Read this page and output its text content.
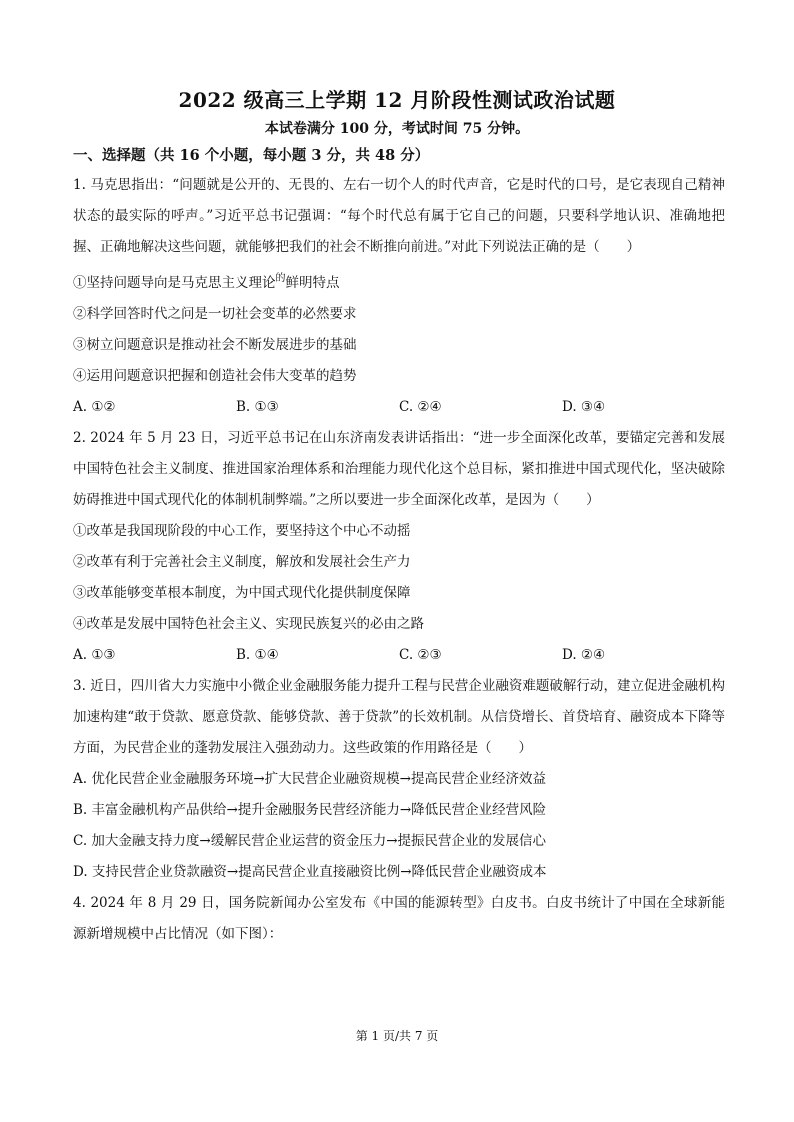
2022 级高三上学期 12 月阶段性测试政治试题
本试卷满分 100 分，考试时间 75 分钟。
一、选择题（共 16 个小题，每小题 3 分，共 48 分）

1. 马克思指出：“问题就是公开的、无畏的、左右一切个人的时代声音，它是时代的口号，是它表现自己精神状态的最实际的呼声。”习近平总书记强调：“每个时代总有属于它自己的问题，只要科学地认识、准确地把握、正确地解决这些问题，就能够把我们的社会不断推向前进。”对此下列说法正确的是（　　）

①坚持问题导向是马克思主义理论$^的$鲜明特点

②科学回答时代之问是一切社会变革的必然要求

③树立问题意识是推动社会不断发展进步的基础

④运用问题意识把握和创造社会伟大变革的趋势

A. ①②	B. ①③	C. ②④	D. ③④

2. 2024 年 5 月 23 日，习近平总书记在山东济南发表讲话指出：“进一步全面深化改革，要锚定完善和发展中国特色社会主义制度、推进国家治理体系和治理能力现代化这个总目标，紧扣推进中国式现代化，坚决破除妨碍推进中国式现代化的体制机制弊端。”之所以要进一步全面深化改革，是因为（　　）

①改革是我国现阶段的中心工作，要坚持这个中心不动摇

②改革有利于完善社会主义制度，解放和发展社会生产力

③改革能够变革根本制度，为中国式现代化提供制度保障

④改革是发展中国特色社会主义、实现民族复兴的必由之路

A. ①③	B. ①④	C. ②③	D. ②④

3. 近日，四川省大力实施中小微企业金融服务能力提升工程与民营企业融资难题破解行动，建立促进金融机构加速构建“敢于贷款、愿意贷款、能够贷款、善于贷款”的长效机制。从信贷增长、首贷培育、融资成本下降等方面，为民营企业的蓬勃发展注入强劲动力。这些政策的作用路径是（　　）

A. 优化民营企业金融服务环境→扩大民营企业融资规模→提高民营企业经济效益

B. 丰富金融机构产品供给→提升金融服务民营经济能力→降低民营企业经营风险

C. 加大金融支持力度→缓解民营企业运营的资金压力→提振民营企业的发展信心

D. 支持民营企业贷款融资→提高民营企业直接融资比例→降低民营企业融资成本

4. 2024 年 8 月 29 日，国务院新闻办公室发布《中国的能源转型》白皮书。白皮书统计了中国在全球新能源新增规模中占比情况（如下图）：

第 1 页/共 7 页
